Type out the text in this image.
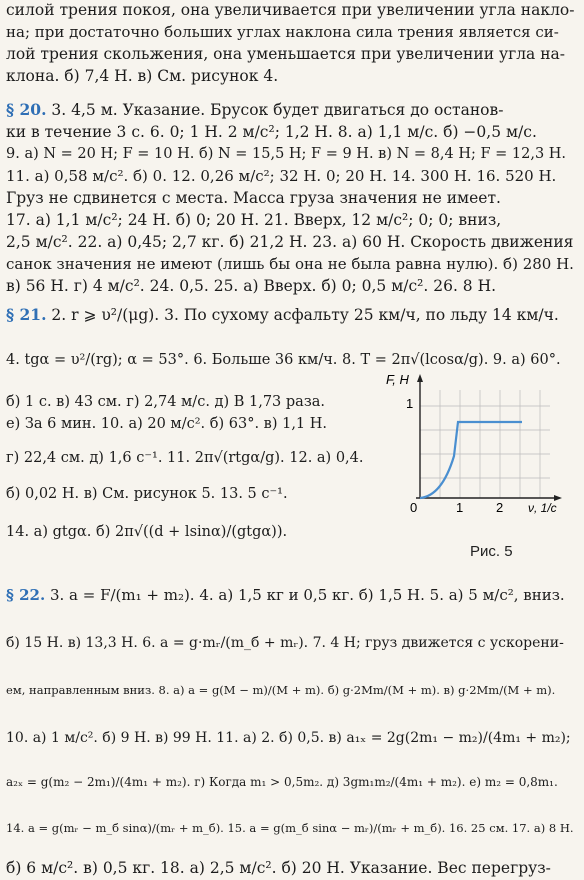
силой трения покоя, она увеличивается при увеличении угла накло-
на; при достаточно больших углах наклона сила трения является си-
лой трения скольжения, она уменьшается при увеличении угла на-
клона. б) 7,4 Н. в) См. рисунок 4.
§ 20. 3. 4,5 м. Указание. Брусок будет двигаться до останов-
ки в течение 3 с. 6. 0; 1 Н. 2 м/с²; 1,2 Н. 8. а) 1,1 м/с. б) −0,5 м/с.
9. а) N = 20 Н; F = 10 Н. б) N = 15,5 Н; F = 9 Н. в) N = 8,4 Н; F = 12,3 Н.
11. а) 0,58 м/с². б) 0. 12. 0,26 м/с²; 32 Н. 0; 20 Н. 14. 300 Н. 16. 520 Н.
Груз не сдвинется с места. Масса груза значения не имеет.
17. а) 1,1 м/с²; 24 Н. б) 0; 20 Н. 21. Вверх, 12 м/с²; 0; 0; вниз,
2,5 м/с². 22. а) 0,45; 2,7 кг. б) 21,2 Н. 23. а) 60 Н. Скорость движения
санок значения не имеют (лишь бы она не была равна нулю). б) 280 Н.
в) 56 Н. г) 4 м/с². 24. 0,5. 25. а) Вверх. б) 0; 0,5 м/с². 26. 8 Н.
§ 21. 2. r ⩾ υ²/(μg). 3. По сухому асфальту 25 км/ч, по льду 14 км/ч.
4. tgα = υ²/(rg); α = 53°. 6. Больше 36 км/ч. 8. T = 2π√(lcosα/g). 9. а) 60°.
б) 1 с. в) 43 см. г) 2,74 м/с. д) В 1,73 раза.
е) За 6 мин. 10. а) 20 м/с². б) 63°. в) 1,1 Н.
г) 22,4 см. д) 1,6 с⁻¹. 11. 2π√(rtgα/g). 12. а) 0,4.
б) 0,02 Н. в) См. рисунок 5. 13. 5 с⁻¹.
14. а) gtgα. б) 2π√((d + lsinα)/(gtgα)).
§ 22. 3. a = F/(m₁ + m₂). 4. а) 1,5 кг и 0,5 кг. б) 1,5 Н. 5. а) 5 м/с², вниз.
б) 15 Н. в) 13,3 Н. 6. a = g·mᵣ/(m_б + mᵣ). 7. 4 Н; груз движется с ускорени-
ем, направленным вниз. 8. а) a = g(M − m)/(M + m). б) g·2Mm/(M + m). в) g·2Mm/(M + m).
10. а) 1 м/с². б) 9 Н. в) 99 Н. 11. а) 2. б) 0,5. в) a₁ₓ = 2g(2m₁ − m₂)/(4m₁ + m₂);
a₂ₓ = g(m₂ − 2m₁)/(4m₁ + m₂). г) Когда m₁ > 0,5m₂. д) 3gm₁m₂/(4m₁ + m₂). е) m₂ = 0,8m₁.
14. a = g(mᵣ − m_б sinα)/(mᵣ + m_б). 15. a = g(m_б sinα − mᵣ)/(mᵣ + m_б). 16. 25 см. 17. а) 8 Н.
б) 6 м/с². в) 0,5 кг. 18. а) 2,5 м/с². б) 20 Н. Указание. Вес перегруз-
F, Н
1
0	1	2 ν, 1/с
Рис. 5
